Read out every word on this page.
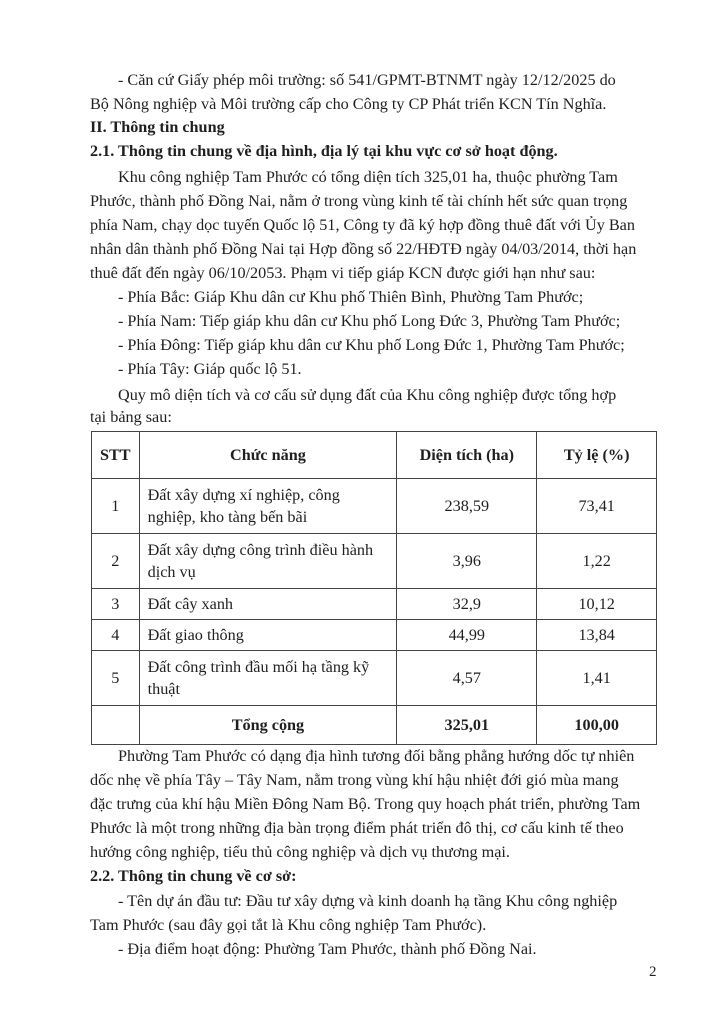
- Căn cứ Giấy phép môi trường: số 541/GPMT-BTNMT ngày 12/12/2025 do
Bộ Nông nghiệp và Môi trường cấp cho Công ty CP Phát triển KCN Tín Nghĩa.
II. Thông tin chung
2.1. Thông tin chung về địa hình, địa lý tại khu vực cơ sở hoạt động.
Khu công nghiệp Tam Phước có tổng diện tích 325,01 ha, thuộc phường Tam
Phước, thành phố Đồng Nai, nằm ở trong vùng kinh tế tài chính hết sức quan trọng
phía Nam, chạy dọc tuyến Quốc lộ 51, Công ty đã ký hợp đồng thuê đất với Ủy Ban
nhân dân thành phố Đồng Nai tại Hợp đồng số 22/HĐTĐ ngày 04/03/2014, thời hạn
thuê đất đến ngày 06/10/2053. Phạm vi tiếp giáp KCN được giới hạn như sau:
- Phía Bắc: Giáp Khu dân cư Khu phố Thiên Bình, Phường Tam Phước;
- Phía Nam: Tiếp giáp khu dân cư Khu phố Long Đức 3, Phường Tam Phước;
- Phía Đông: Tiếp giáp khu dân cư Khu phố Long Đức 1, Phường Tam Phước;
- Phía Tây: Giáp quốc lộ 51.
Quy mô diện tích và cơ cấu sử dụng đất của Khu công nghiệp được tổng hợp
tại bảng sau:
STT	Chức năng	Diện tích (ha)	Tỷ lệ (%)
1	Đất xây dựng xí nghiệp, công nghiệp, kho tàng bến bãi	238,59	73,41
2	Đất xây dựng công trình điều hành dịch vụ	3,96	1,22
3	Đất cây xanh	32,9	10,12
4	Đất giao thông	44,99	13,84
5	Đất công trình đầu mối hạ tầng kỹ thuật	4,57	1,41
	Tổng cộng	325,01	100,00
Phường Tam Phước có dạng địa hình tương đối bằng phẳng hướng dốc tự nhiên
dốc nhẹ về phía Tây – Tây Nam, nằm trong vùng khí hậu nhiệt đới gió mùa mang
đặc trưng của khí hậu Miền Đông Nam Bộ. Trong quy hoạch phát triển, phường Tam
Phước là một trong những địa bàn trọng điểm phát triển đô thị, cơ cấu kinh tế theo
hướng công nghiệp, tiểu thủ công nghiệp và dịch vụ thương mại.
2.2. Thông tin chung về cơ sở:
- Tên dự án đầu tư: Đầu tư xây dựng và kinh doanh hạ tầng Khu công nghiệp
Tam Phước (sau đây gọi tắt là Khu công nghiệp Tam Phước).
- Địa điểm hoạt động: Phường Tam Phước, thành phố Đồng Nai.
2
